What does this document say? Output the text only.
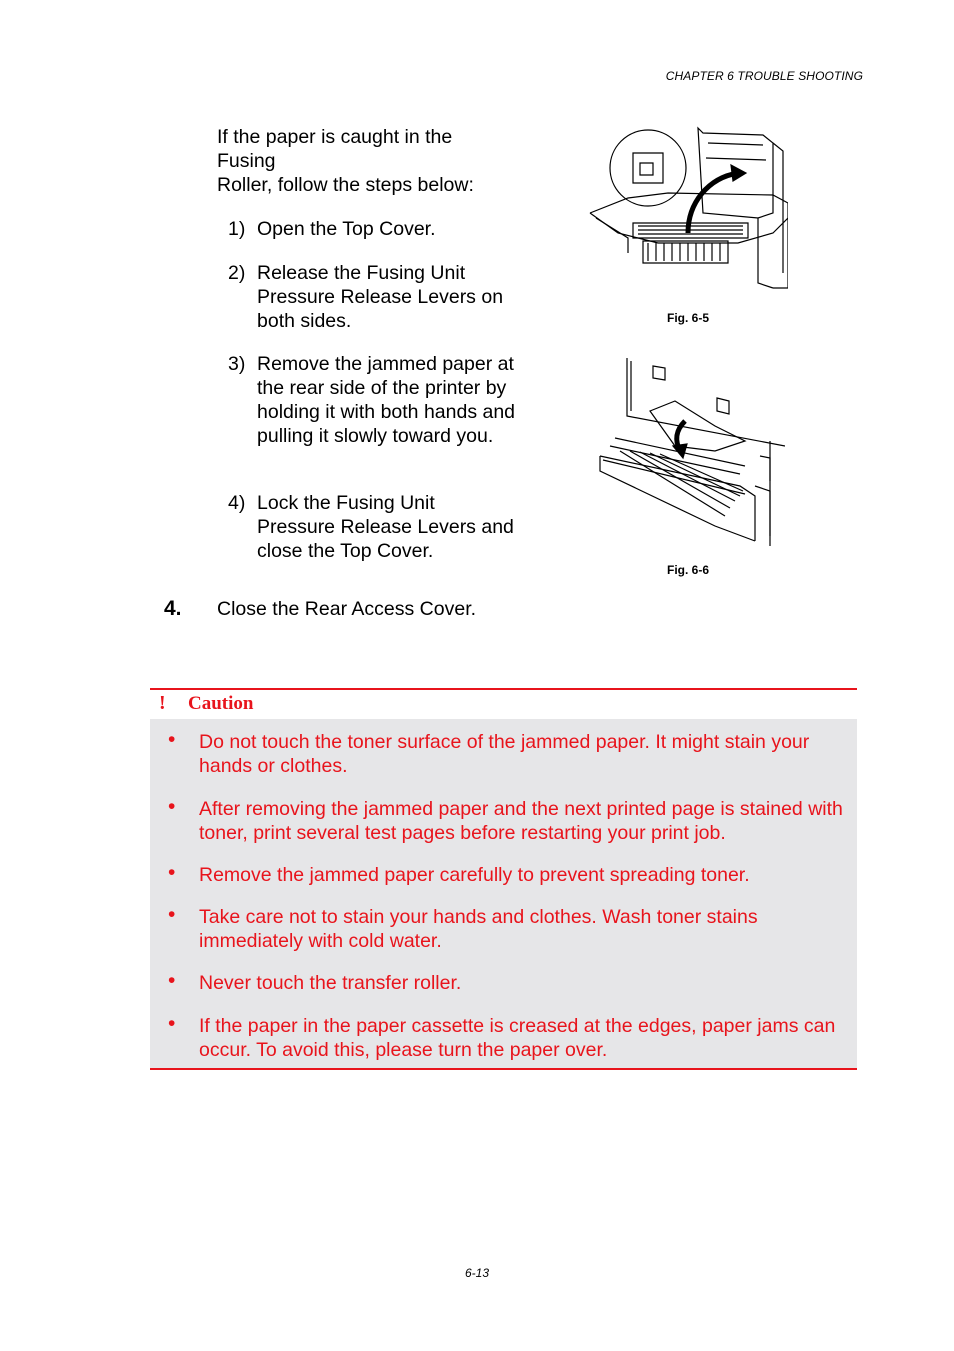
CHAPTER 6 TROUBLE SHOOTING
If the paper is caught in the
Fusing
Roller, follow the steps below:
1) Open the Top Cover.
2) Release the Fusing Unit Pressure Release Levers on both sides.
3) Remove the jammed paper at the rear side of the printer by holding it with both hands and pulling it slowly toward you.
4) Lock the Fusing Unit Pressure Release Levers and close the Top Cover.
Fig. 6-5
Fig. 6-6
4. Close the Rear Access Cover.
! Caution
• Do not touch the toner surface of the jammed paper. It might stain your hands or clothes.
• After removing the jammed paper and the next printed page is stained with toner, print several test pages before restarting your print job.
• Remove the jammed paper carefully to prevent spreading toner.
• Take care not to stain your hands and clothes. Wash toner stains immediately with cold water.
• Never touch the transfer roller.
• If the paper in the paper cassette is creased at the edges, paper jams can occur. To avoid this, please turn the paper over.
6-13
